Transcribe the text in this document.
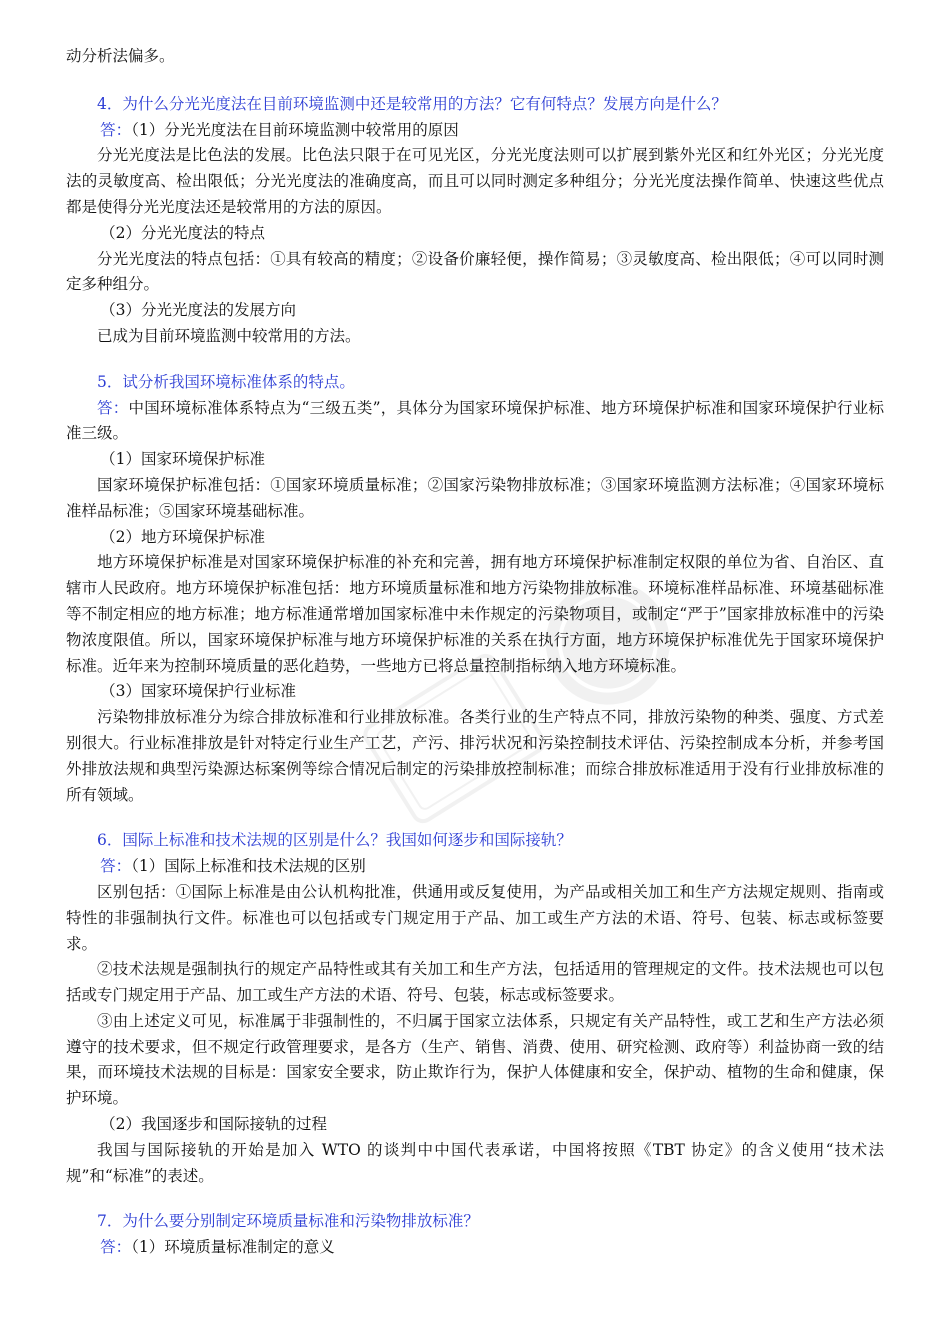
动分析法偏多。

4．为什么分光光度法在目前环境监测中还是较常用的方法？它有何特点？发展方向是什么？

答：（1）分光光度法在目前环境监测中较常用的原因

分光光度法是比色法的发展。比色法只限于在可见光区，分光光度法则可以扩展到紫外光区和红外光区；分光光度法的灵敏度高、检出限低；分光光度法的准确度高，而且可以同时测定多种组分；分光光度法操作简单、快速这些优点都是使得分光光度法还是较常用的方法的原因。

（2）分光光度法的特点

分光光度法的特点包括：①具有较高的精度；②设备价廉轻便，操作简易；③灵敏度高、检出限低；④可以同时测定多种组分。

（3）分光光度法的发展方向

已成为目前环境监测中较常用的方法。

5．试分析我国环境标准体系的特点。

答：中国环境标准体系特点为“三级五类”，具体分为国家环境保护标准、地方环境保护标准和国家环境保护行业标准三级。

（1）国家环境保护标准

国家环境保护标准包括：①国家环境质量标准；②国家污染物排放标准；③国家环境监测方法标准；④国家环境标准样品标准；⑤国家环境基础标准。

（2）地方环境保护标准

地方环境保护标准是对国家环境保护标准的补充和完善，拥有地方环境保护标准制定权限的单位为省、自治区、直辖市人民政府。地方环境保护标准包括：地方环境质量标准和地方污染物排放标准。环境标准样品标准、环境基础标准等不制定相应的地方标准；地方标准通常增加国家标准中未作规定的污染物项目，或制定“严于”国家排放标准中的污染物浓度限值。所以，国家环境保护标准与地方环境保护标准的关系在执行方面，地方环境保护标准优先于国家环境保护标准。近年来为控制环境质量的恶化趋势，一些地方已将总量控制指标纳入地方环境标准。

（3）国家环境保护行业标准

污染物排放标准分为综合排放标准和行业排放标准。各类行业的生产特点不同，排放污染物的种类、强度、方式差别很大。行业标准排放是针对特定行业生产工艺，产污、排污状况和污染控制技术评估、污染控制成本分析，并参考国外排放法规和典型污染源达标案例等综合情况后制定的污染排放控制标准；而综合排放标准适用于没有行业排放标准的所有领域。

6．国际上标准和技术法规的区别是什么？我国如何逐步和国际接轨？

答：（1）国际上标准和技术法规的区别

区别包括：①国际上标准是由公认机构批准，供通用或反复使用，为产品或相关加工和生产方法规定规则、指南或特性的非强制执行文件。标准也可以包括或专门规定用于产品、加工或生产方法的术语、符号、包装、标志或标签要求。

②技术法规是强制执行的规定产品特性或其有关加工和生产方法，包括适用的管理规定的文件。技术法规也可以包括或专门规定用于产品、加工或生产方法的术语、符号、包装，标志或标签要求。

③由上述定义可见，标准属于非强制性的，不归属于国家立法体系，只规定有关产品特性，或工艺和生产方法必须遵守的技术要求，但不规定行政管理要求，是各方（生产、销售、消费、使用、研究检测、政府等）利益协商一致的结果，而环境技术法规的目标是：国家安全要求，防止欺诈行为，保护人体健康和安全，保护动、植物的生命和健康，保护环境。

（2）我国逐步和国际接轨的过程

我国与国际接轨的开始是加入 WTO 的谈判中中国代表承诺，中国将按照《TBT 协定》的含义使用“技术法规”和“标准”的表述。

7．为什么要分别制定环境质量标准和污染物排放标准？

答：（1）环境质量标准制定的意义
